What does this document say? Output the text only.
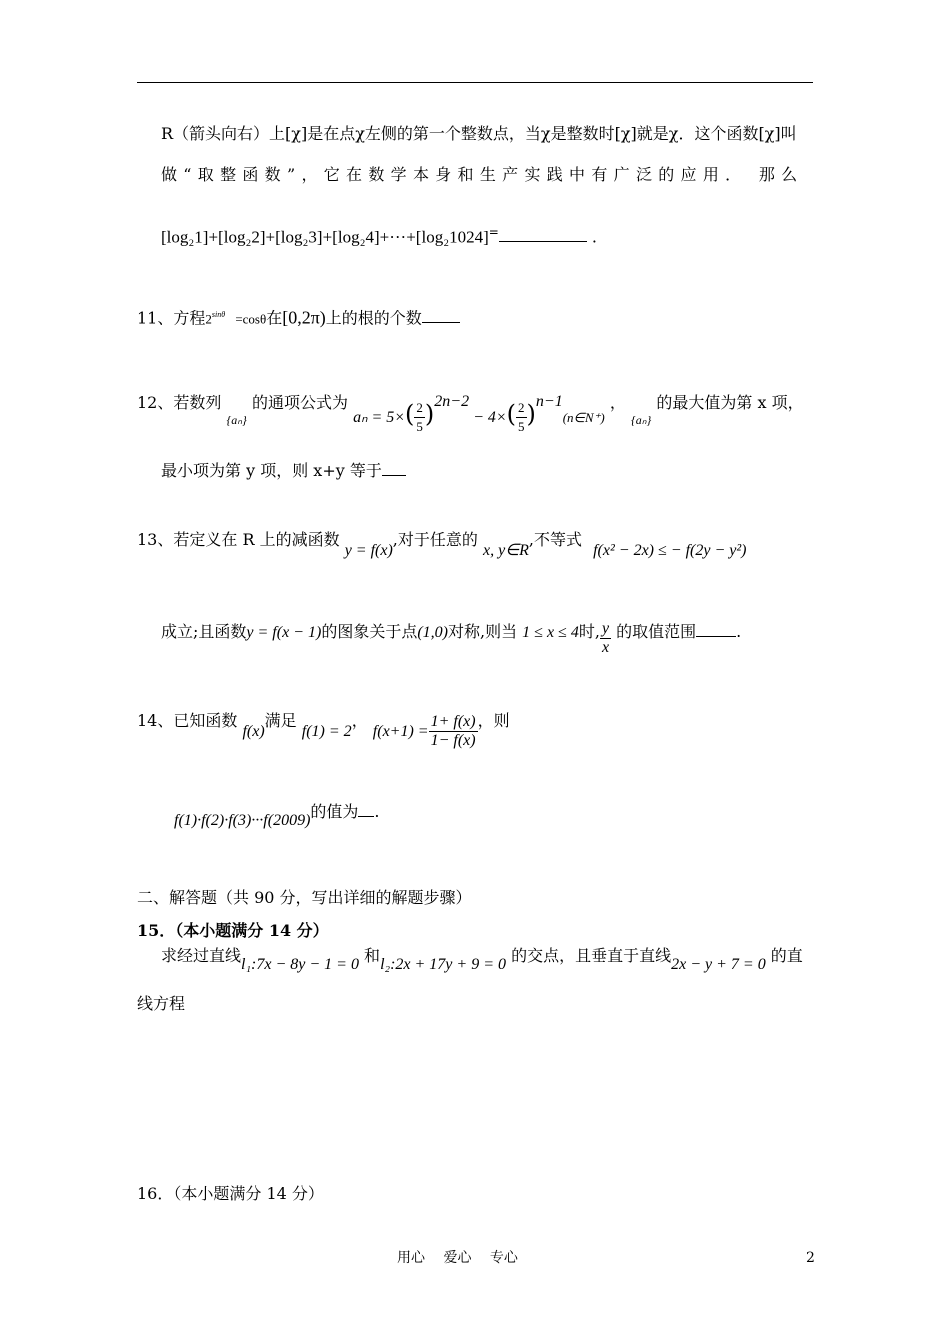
R（箭头向右）上[χ]是在点χ左侧的第一个整数点，当χ是整数时[χ]就是χ．这个函数[χ]叫
做“取整函数”，它在数学本身和生产实践中有广泛的应用． 那么
[log₂1]+[log₂2]+[log₂3]+[log₂4]+···+[log₂1024]=	.
11、方程$2^{sin\theta} =\cos\theta$在[0,2π)上的根的个数
12、若数列 $_{\{a_n\}}$ 的通项公式为 $a_n = 5\times( \frac{2}{5} )^{2n-2} - 4\times( \frac{2}{5}$ )$^{n-1}(n\in N^+)$ ， $_{\{a_n\}}$ 的最大值为第 x 项，
最小项为第 y 项，则 x+y 等于
13、若定义在 R 上的减函数 y = f(x),对于任意的 x, y∈R,不等式 f(x² − 2x) ≤ − f(2y − y²)
成立;且函数y = f(x − 1)的图象关于点(1,0)对称,则当 1 ≤ x ≤ 4时, $\frac{y}{x}$ 的取值范围	.
14、已知函数 f(x)满足 f(1) = 2， $f(x+1) = \frac{1+ f(x)}{1- f(x)}$ ，则
f(1)·f(2)·f(3)···f(2009)的值为 .
二、解答题（共 90 分，写出详细的解题步骤）
15．（本小题满分 14 分）
求经过直线l₁:7x − 8y − 1 = 0 和l₂:2x + 17y + 9 = 0 的交点，且垂直于直线2x − y + 7 = 0 的直
线方程
16．（本小题满分 14 分）
用心　 爱心　 专心	2
